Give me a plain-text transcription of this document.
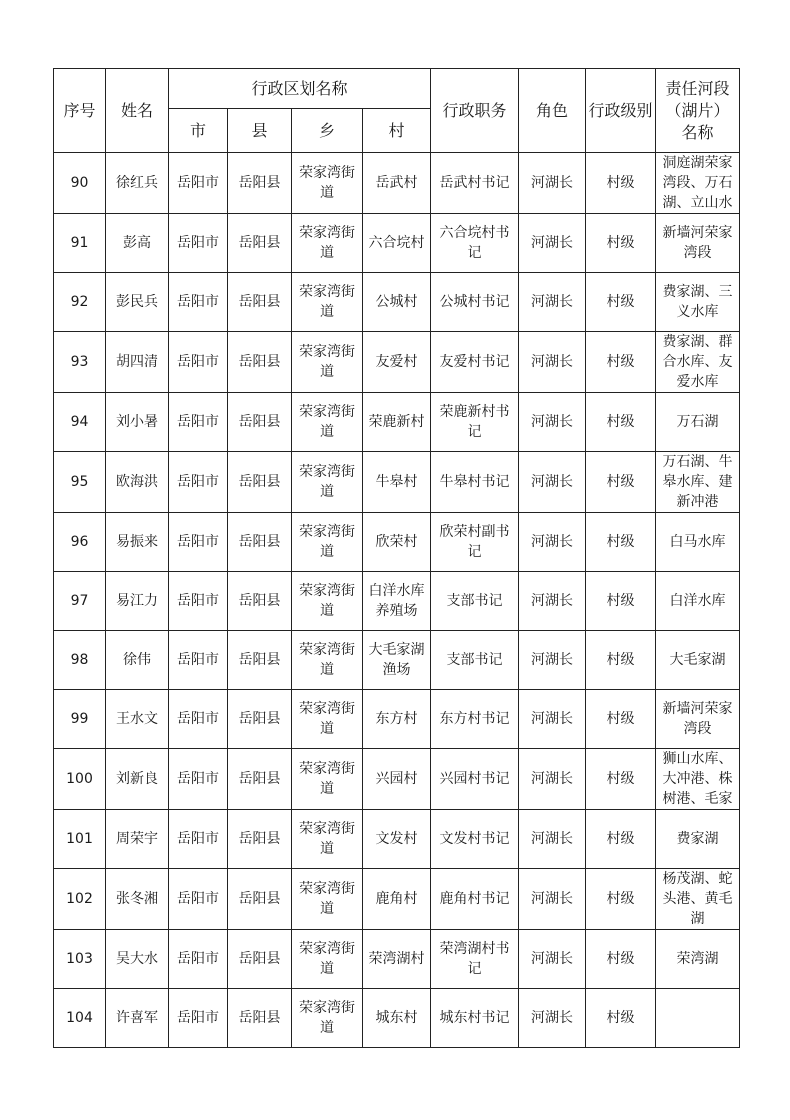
序号	姓名	行政区划名称				行政职务	角色	行政级别	责任河段（湖片）名称
		市	县	乡	村				
90	徐红兵	岳阳市	岳阳县	荣家湾街道	岳武村	岳武村书记	河湖长	村级	洞庭湖荣家湾段、万石湖、立山水
91	彭高	岳阳市	岳阳县	荣家湾街道	六合垸村	六合垸村书记	河湖长	村级	新墙河荣家湾段
92	彭民兵	岳阳市	岳阳县	荣家湾街道	公城村	公城村书记	河湖长	村级	费家湖、三义水库
93	胡四清	岳阳市	岳阳县	荣家湾街道	友爱村	友爱村书记	河湖长	村级	费家湖、群合水库、友爱水库
94	刘小暑	岳阳市	岳阳县	荣家湾街道	荣鹿新村	荣鹿新村书记	河湖长	村级	万石湖
95	欧海洪	岳阳市	岳阳县	荣家湾街道	牛皋村	牛皋村书记	河湖长	村级	万石湖、牛皋水库、建新冲港
96	易振来	岳阳市	岳阳县	荣家湾街道	欣荣村	欣荣村副书记	河湖长	村级	白马水库
97	易江力	岳阳市	岳阳县	荣家湾街道	白洋水库养殖场	支部书记	河湖长	村级	白洋水库
98	徐伟	岳阳市	岳阳县	荣家湾街道	大毛家湖渔场	支部书记	河湖长	村级	大毛家湖
99	王水文	岳阳市	岳阳县	荣家湾街道	东方村	东方村书记	河湖长	村级	新墙河荣家湾段
100	刘新良	岳阳市	岳阳县	荣家湾街道	兴园村	兴园村书记	河湖长	村级	狮山水库、大冲港、株树港、毛家
101	周荣宇	岳阳市	岳阳县	荣家湾街道	文发村	文发村书记	河湖长	村级	费家湖
102	张冬湘	岳阳市	岳阳县	荣家湾街道	鹿角村	鹿角村书记	河湖长	村级	杨茂湖、蛇头港、黄毛湖
103	吴大水	岳阳市	岳阳县	荣家湾街道	荣湾湖村	荣湾湖村书记	河湖长	村级	荣湾湖
104	许喜军	岳阳市	岳阳县	荣家湾街道	城东村	城东村书记	河湖长	村级	
